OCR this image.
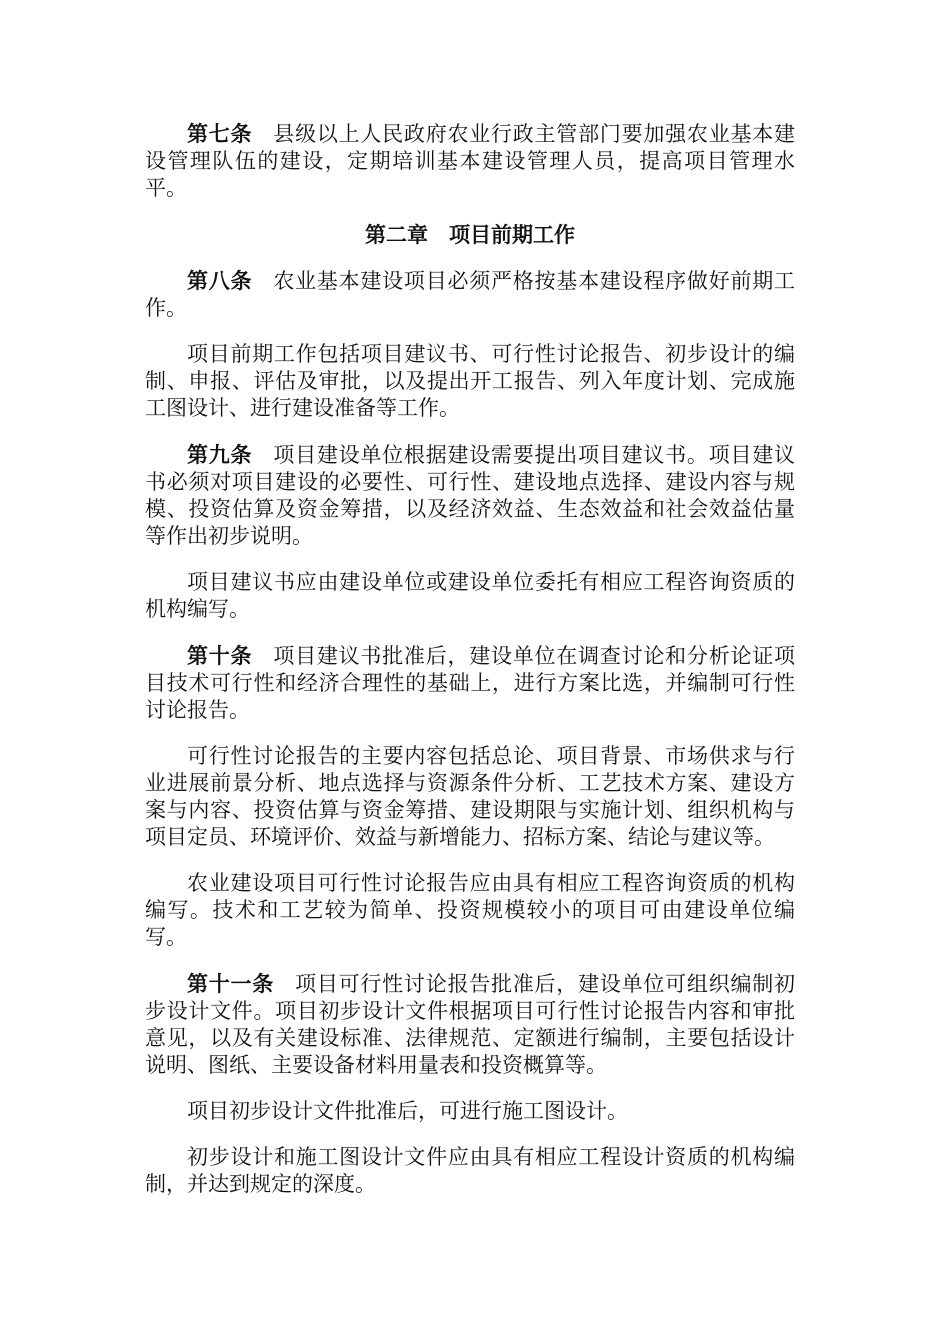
第七条 县级以上人民政府农业行政主管部门要加强农业基本建设管理队伍的建设，定期培训基本建设管理人员，提高项目管理水平。

第二章 项目前期工作

第八条 农业基本建设项目必须严格按基本建设程序做好前期工作。

项目前期工作包括项目建议书、可行性讨论报告、初步设计的编制、申报、评估及审批，以及提出开工报告、列入年度计划、完成施工图设计、进行建设准备等工作。

第九条 项目建设单位根据建设需要提出项目建议书。项目建议书必须对项目建设的必要性、可行性、建设地点选择、建设内容与规模、投资估算及资金筹措，以及经济效益、生态效益和社会效益估量等作出初步说明。

项目建议书应由建设单位或建设单位委托有相应工程咨询资质的机构编写。

第十条 项目建议书批准后，建设单位在调查讨论和分析论证项目技术可行性和经济合理性的基础上，进行方案比选，并编制可行性讨论报告。

可行性讨论报告的主要内容包括总论、项目背景、市场供求与行业进展前景分析、地点选择与资源条件分析、工艺技术方案、建设方案与内容、投资估算与资金筹措、建设期限与实施计划、组织机构与项目定员、环境评价、效益与新增能力、招标方案、结论与建议等。

农业建设项目可行性讨论报告应由具有相应工程咨询资质的机构编写。技术和工艺较为简单、投资规模较小的项目可由建设单位编写。

第十一条 项目可行性讨论报告批准后，建设单位可组织编制初步设计文件。项目初步设计文件根据项目可行性讨论报告内容和审批意见，以及有关建设标准、法律规范、定额进行编制，主要包括设计说明、图纸、主要设备材料用量表和投资概算等。

项目初步设计文件批准后，可进行施工图设计。

初步设计和施工图设计文件应由具有相应工程设计资质的机构编制，并达到规定的深度。
